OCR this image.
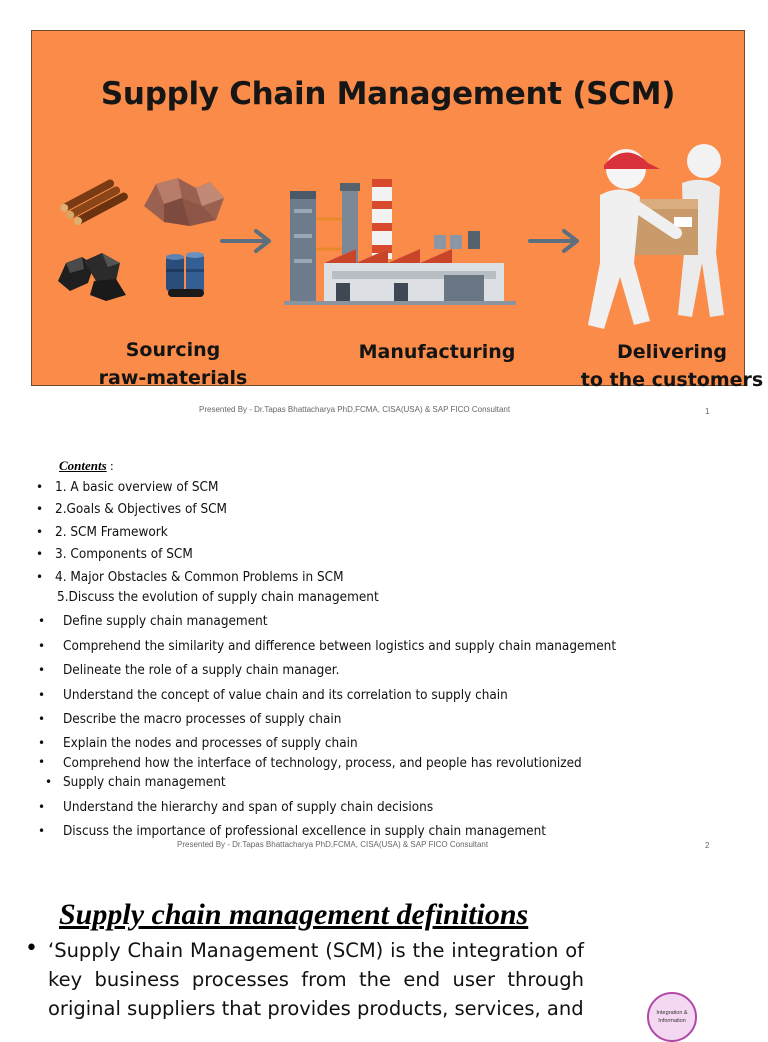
Supply Chain Management (SCM)
Sourcing
raw-materials
Manufacturing	Delivering
to the customers
Presented By - Dr.Tapas Bhattacharya PhD,FCMA, CISA(USA) & SAP FICO Consultant	1
Contents :
• 1. A basic overview of SCM
• 2.Goals & Objectives of SCM
• 2. SCM Framework
• 3. Components of SCM
• 4. Major Obstacles & Common Problems in SCM
5.Discuss the evolution of supply chain management
• Define supply chain management
• Comprehend the similarity and difference between logistics and supply chain management
• Delineate the role of a supply chain manager.
• Understand the concept of value chain and its correlation to supply chain
• Describe the macro processes of supply chain
• Explain the nodes and processes of supply chain
• Comprehend how the interface of technology, process, and people has revolutionized
• Supply chain management
• Understand the hierarchy and span of supply chain decisions
• Discuss the importance of professional excellence in supply chain management
Presented By - Dr.Tapas Bhattacharya PhD,FCMA, CISA(USA) & SAP FICO Consultant	2
Supply chain management definitions
• ‘Supply Chain Management (SCM) is the integration of key business processes from the end user through original suppliers that provides products, services, and	Integration &
Information
